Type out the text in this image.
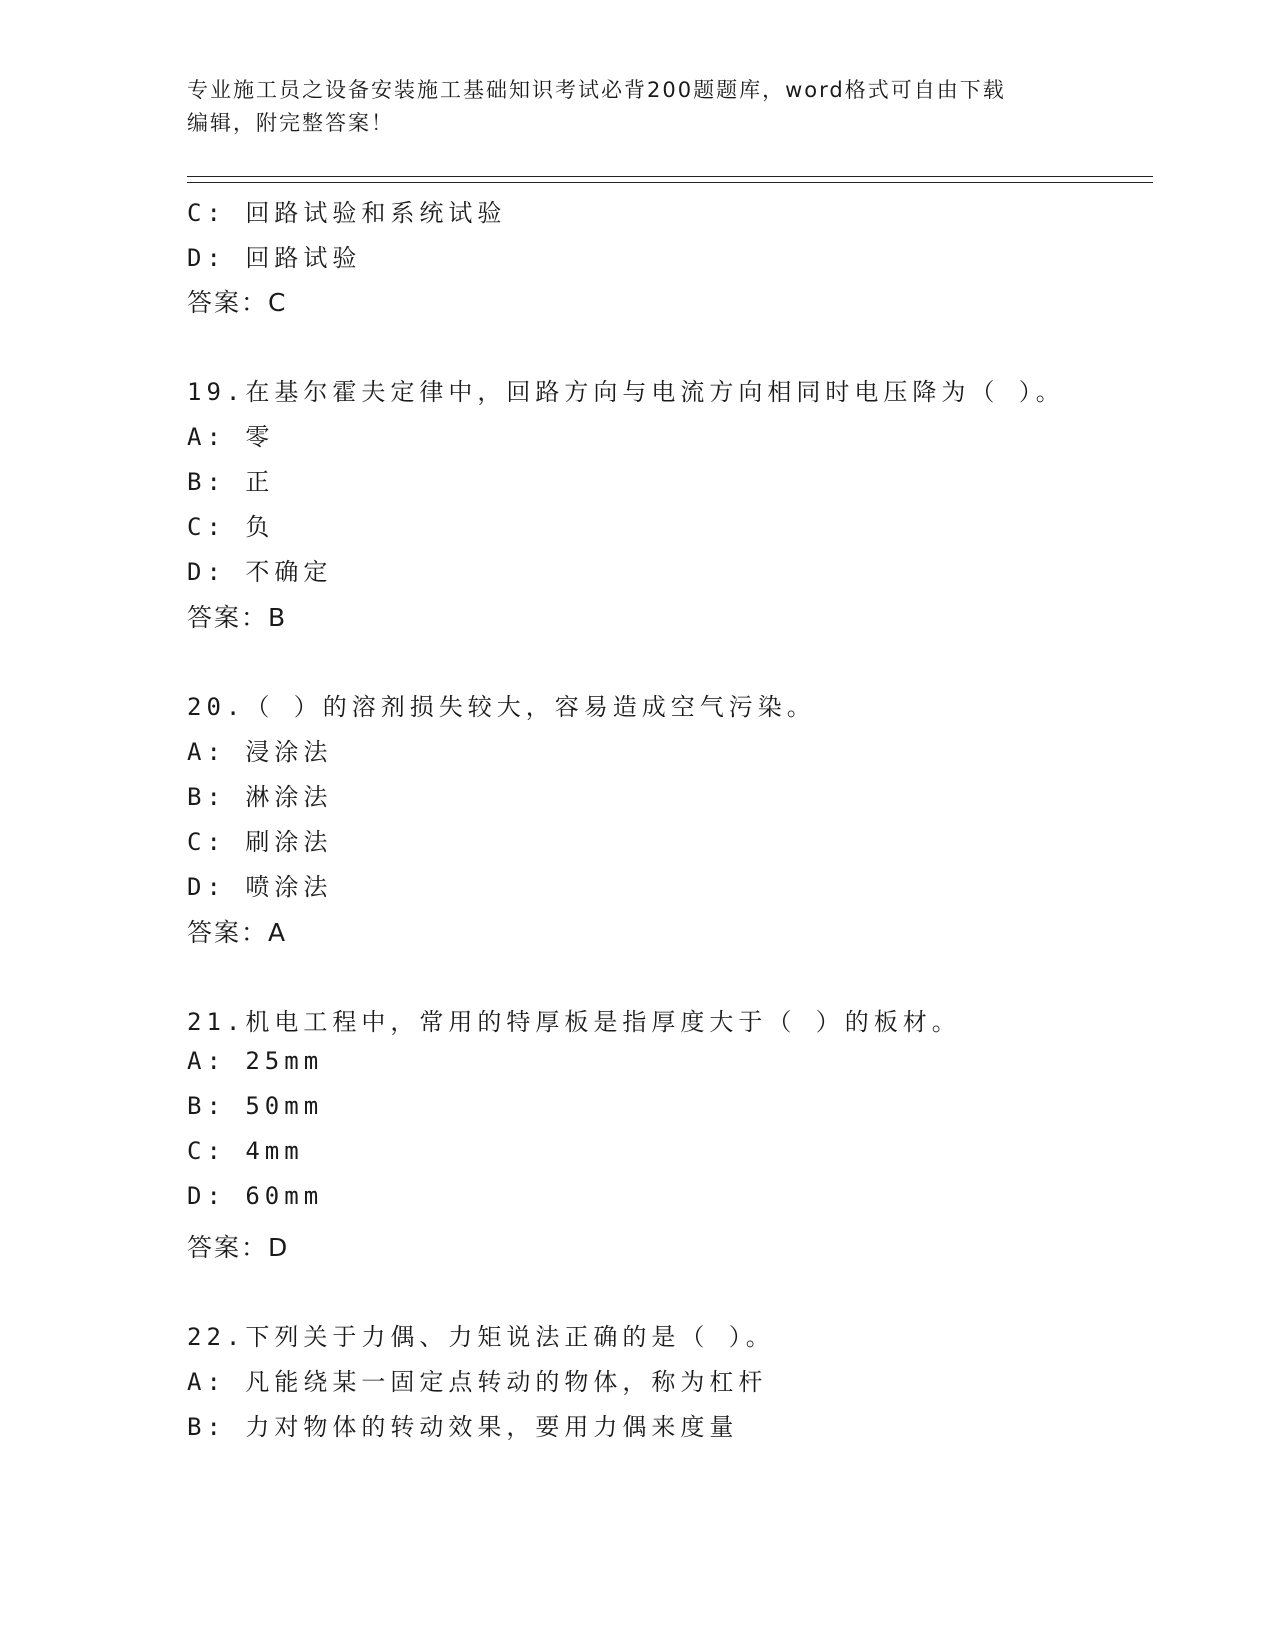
专业施工员之设备安装施工基础知识考试必背200题题库，word格式可自由下载
编辑，附完整答案！
C: 回路试验和系统试验
D: 回路试验
答案：C
19.在基尔霍夫定律中，回路方向与电流方向相同时电压降为（ ）。
A: 零
B: 正
C: 负
D: 不确定
答案：B
20.（ ）的溶剂损失较大，容易造成空气污染。
A: 浸涂法
B: 淋涂法
C: 刷涂法
D: 喷涂法
答案：A
21.机电工程中，常用的特厚板是指厚度大于（ ）的板材。
A: 25mm
B: 50mm
C: 4mm
D: 60mm
答案：D
22.下列关于力偶、力矩说法正确的是（ ）。
A: 凡能绕某一固定点转动的物体，称为杠杆
B: 力对物体的转动效果，要用力偶来度量
